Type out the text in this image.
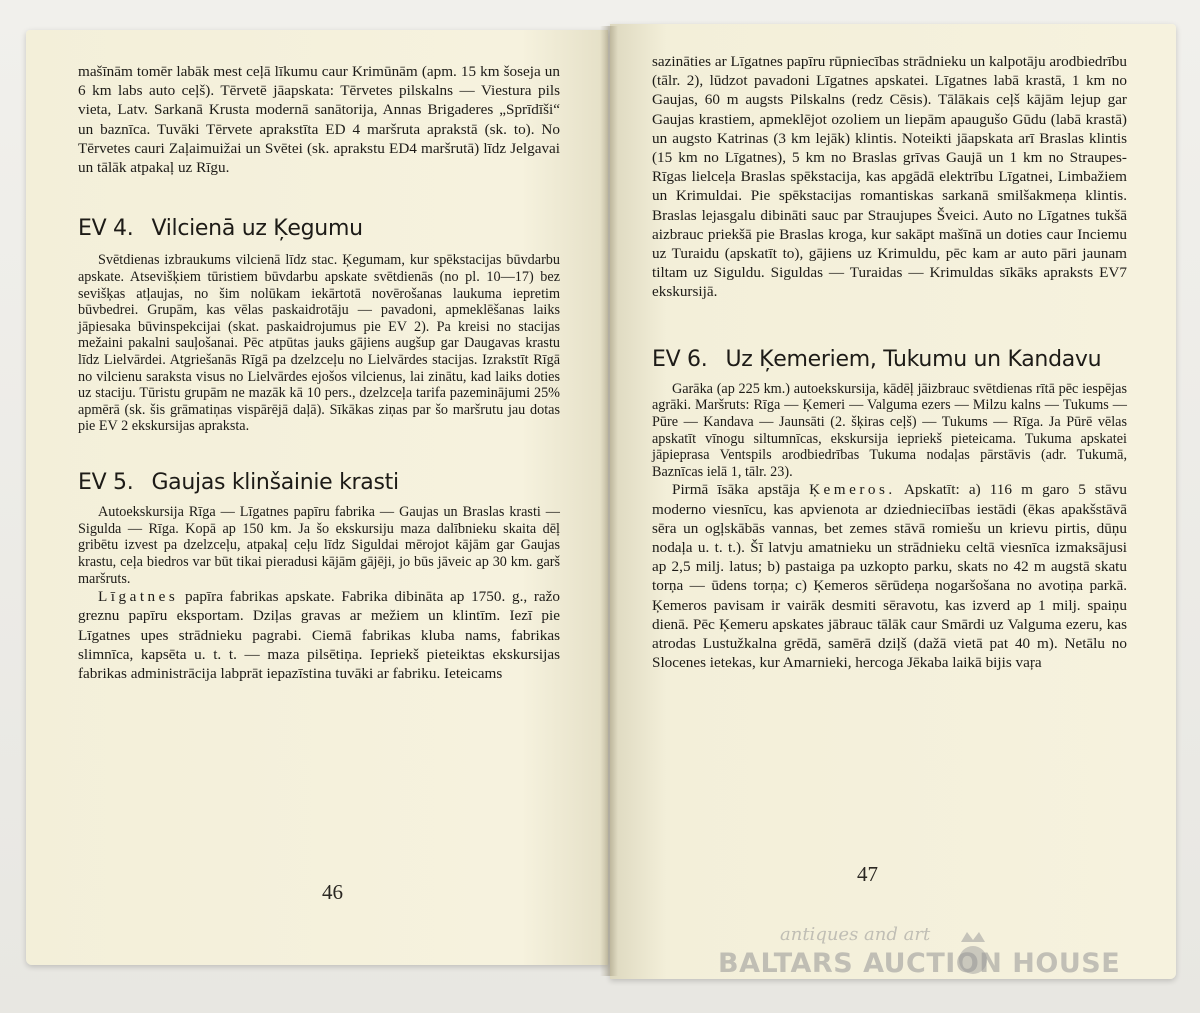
mašīnām tomēr labāk mest ceļā līkumu caur Krimūnām (apm. 15 km šoseja un 6 km labs auto ceļš). Tērvetē jāapskata: Tērvetes pilskalns — Viestura pils vieta, Latv. Sarkanā Krusta modernā sanātorija, Annas Brigaderes „Sprīdīši“ un baznīca. Tuvāki Tērvete aprakstīta ED 4 maršruta aprakstā (sk. to). No Tērvetes cauri Zaļaimuižai un Svētei (sk. aprakstu ED4 maršrutā) līdz Jelgavai un tālāk atpakaļ uz Rīgu.

EV 4. Vilcienā uz Ķegumu

Svētdienas izbraukums vilcienā līdz stac. Ķegumam, kur spēkstacijas būvdarbu apskate. Atsevišķiem tūristiem būvdarbu apskate svētdienās (no pl. 10—17) bez sevišķas atļaujas, no šim nolūkam iekārtotā novērošanas laukuma iepretim būvbedrei. Grupām, kas vēlas paskaidrotāju — pavadoni, apmeklēšanas laiks jāpiesaka būvinspekcijai (skat. paskaidrojumus pie EV 2). Pa kreisi no stacijas mežaini pakalni sauļošanai. Pēc atpūtas jauks gājiens augšup gar Daugavas krastu līdz Lielvārdei. Atgriešanās Rīgā pa dzelzceļu no Lielvārdes stacijas. Izrakstīt Rīgā no vilcienu saraksta visus no Lielvārdes ejošos vilcienus, lai zinātu, kad laiks doties uz staciju. Tūristu grupām ne mazāk kā 10 pers., dzelzceļa tarifa pazeminājumi 25% apmērā (sk. šis grāmatiņas vispārējā daļā). Sīkākas ziņas par šo maršrutu jau dotas pie EV 2 ekskursijas apraksta.

EV 5. Gaujas klinšainie krasti

Autoekskursija Rīga — Līgatnes papīru fabrika — Gaujas un Braslas krasti — Sigulda — Rīga. Kopā ap 150 km. Ja šo ekskursiju maza dalībnieku skaita dēļ gribētu izvest pa dzelzceļu, atpakaļ ceļu līdz Siguldai mērojot kājām gar Gaujas krastu, ceļa biedros var būt tikai pieradusi kājām gājēji, jo būs jāveic ap 30 km. garš maršruts.

Līgatnes papīra fabrikas apskate. Fabrika dibināta ap 1750. g., ražo greznu papīru eksportam. Dziļas gravas ar mežiem un klintīm. Iezī pie Līgatnes upes strādnieku pagrabi. Ciemā fabrikas kluba nams, fabrikas slimnīca, kapsēta u. t. t. — maza pilsētiņa. Iepriekš pieteiktas ekskursijas fabrikas administrācija labprāt iepazīstina tuvāki ar fabriku. Ieteicams

46

sazināties ar Līgatnes papīru rūpniecības strādnieku un kalpotāju arodbiedrību (tālr. 2), lūdzot pavadoni Līgatnes apskatei. Līgatnes labā krastā, 1 km no Gaujas, 60 m augsts Pilskalns (redz Cēsis). Tālākais ceļš kājām lejup gar Gaujas krastiem, apmeklējot ozoliem un liepām apaugušo Gūdu (labā krastā) un augsto Katrinas (3 km lejāk) klintis. Noteikti jāapskata arī Braslas klintis (15 km no Līgatnes), 5 km no Braslas grīvas Gaujā un 1 km no Straupes-Rīgas lielceļa Braslas spēkstacija, kas apgādā elektrību Līgatnei, Limbažiem un Krimuldai. Pie spēkstacijas romantiskas sarkanā smilšakmeņa klintis. Braslas lejasgalu dibināti sauc par Straujupes Šveici. Auto no Līgatnes tukšā aizbrauc priekšā pie Braslas kroga, kur sakāpt mašīnā un doties caur Inciemu uz Turaidu (apskatīt to), gājiens uz Krimuldu, pēc kam ar auto pāri jaunam tiltam uz Siguldu. Siguldas — Turaidas — Krimuldas sīkāks apraksts EV7 ekskursijā.

EV 6. Uz Ķemeriem, Tukumu un Kandavu

Garāka (ap 225 km.) autoekskursija, kādēļ jāizbrauc svētdienas rītā pēc iespējas agrāki. Maršruts: Rīga — Ķemeri — Valguma ezers — Milzu kalns — Tukums — Pūre — Kandava — Jaunsāti (2. šķiras ceļš) — Tukums — Rīga. Ja Pūrē vēlas apskatīt vīnogu siltumnīcas, ekskursija iepriekš pieteicama. Tukuma apskatei jāpieprasa Ventspils arodbiedrības Tukuma nodaļas pārstāvis (adr. Tukumā, Baznīcas ielā 1, tālr. 23).

Pirmā īsāka apstāja Ķemeros. Apskatīt: a) 116 m garo 5 stāvu moderno viesnīcu, kas apvienota ar dziednieciības iestādi (ēkas apakšstāvā sēra un ogļskābās vannas, bet zemes stāvā romiešu un krievu pirtis, dūņu nodaļa u. t. t.). Šī latvju amatnieku un strādnieku celtā viesnīca izmaksājusi ap 2,5 milj. latus; b) pastaiga pa uzkopto parku, skats no 42 m augstā skatu torņa — ūdens torņa; c) Ķemeros sērūdeņa nogaršošana no avotiņa parkā. Ķemeros pavisam ir vairāk desmiti sēravotu, kas izverd ap 1 milj. spaiņu dienā. Pēc Ķemeru apskates jābrauc tālāk caur Smārdi uz Valguma ezeru, kas atrodas Lustužkalna grēdā, samērā dziļš (dažā vietā pat 40 m). Netālu no Slocenes ietekas, kur Amarnieki, hercoga Jēkaba laikā bijis vaŗa

47
antiques and art
BALTARS AUCTION HOUSE
